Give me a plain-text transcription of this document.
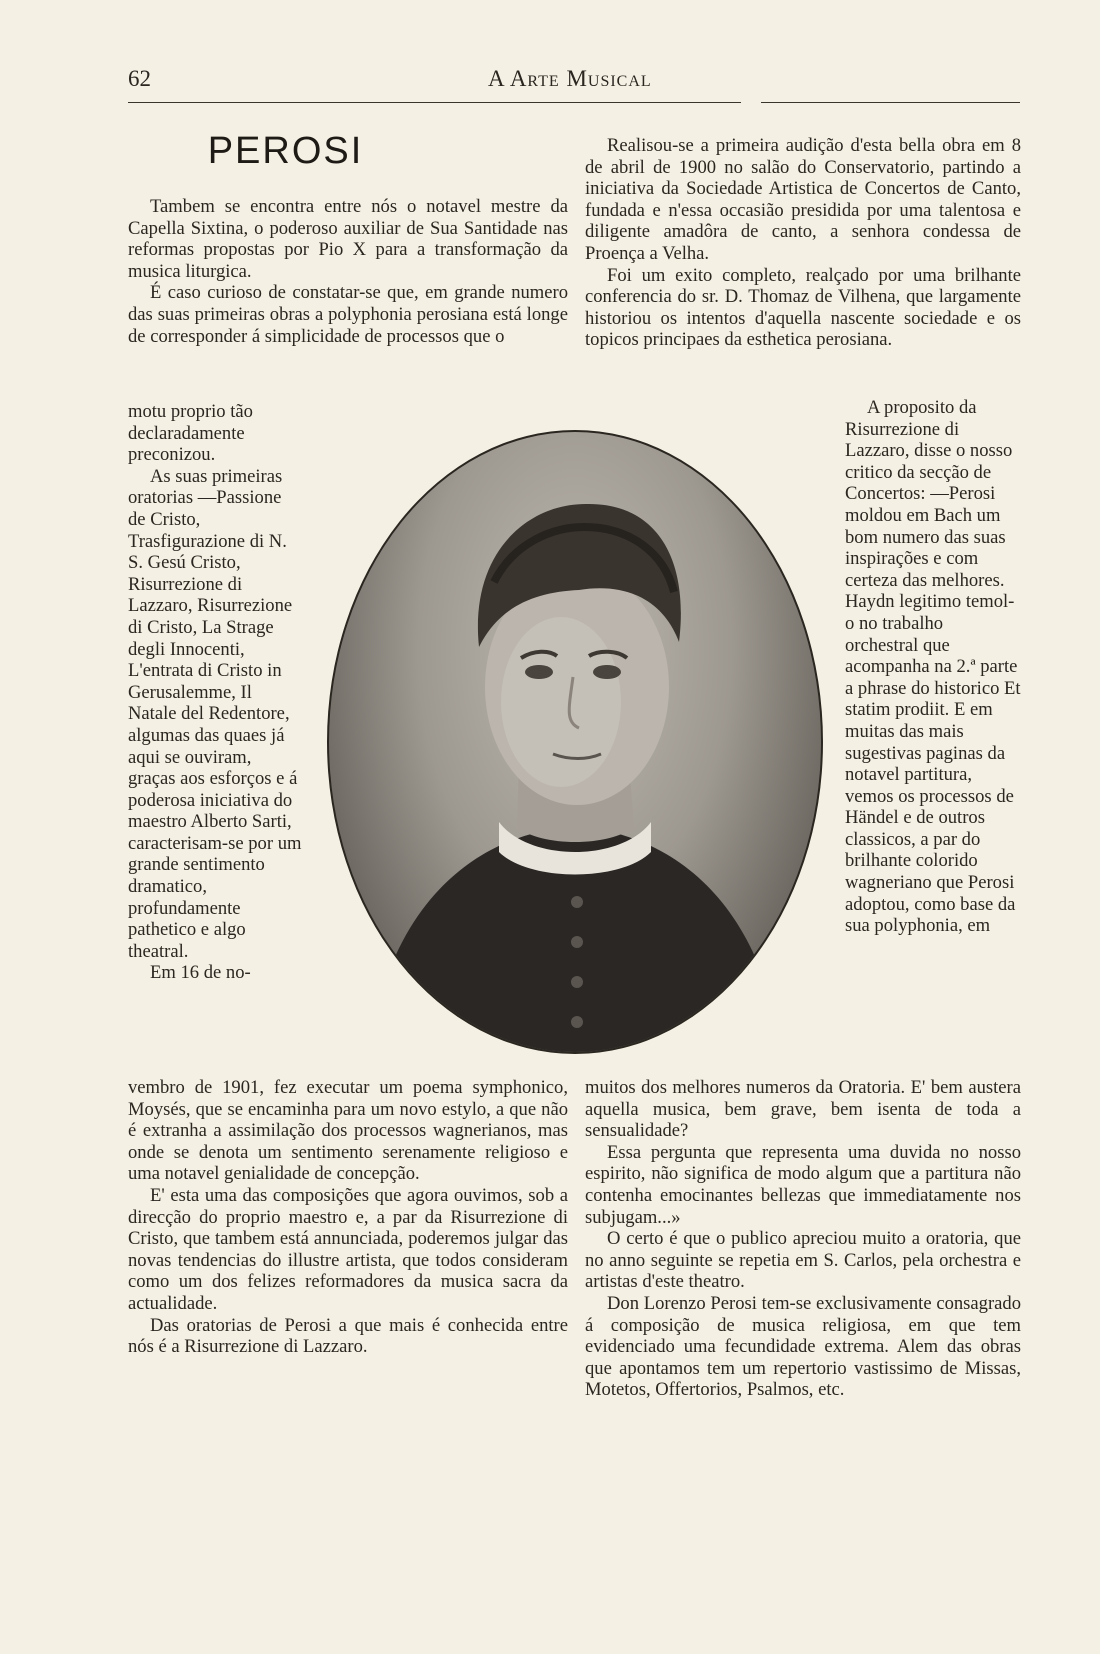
62	A Arte Musical
PEROSI

Tambem se encontra entre nós o notavel mestre da Capella Sixtina, o poderoso auxiliar de Sua Santidade nas reformas propostas por Pio X para a transformação da musica liturgica.

É caso curioso de constatar-se que, em grande numero das suas primeiras obras a polyphonia perosiana está longe de corresponder á simplicidade de processos que o

motu proprio tão declaradamente preconizou.

As suas primeiras oratorias —Passione de Cristo, Trasfigurazione di N. S. Gesú Cristo, Risurrezione di Lazzaro, Risurrezione di Cristo, La Strage degli Innocenti, L'entrata di Cristo in Gerusalemme, Il Natale del Redentore, algumas das quaes já aqui se ouviram, graças aos esforços e á poderosa iniciativa do maestro Alberto Sarti, caracterisam-se por um grande sentimento dramatico, profundamente pathetico e algo theatral.

Em 16 de no-

vembro de 1901, fez executar um poema symphonico, Moysés, que se encaminha para um novo estylo, a que não é extranha a assimilação dos processos wagnerianos, mas onde se denota um sentimento serenamente religioso e uma notavel genialidade de concepção.

E' esta uma das composições que agora ouvimos, sob a direcção do proprio maestro e, a par da Risurrezione di Cristo, que tambem está annunciada, poderemos julgar das novas tendencias do illustre artista, que todos consideram como um dos felizes reformadores da musica sacra da actualidade.

Das oratorias de Perosi a que mais é conhecida entre nós é a Risurrezione di Lazzaro.

Realisou-se a primeira audição d'esta bella obra em 8 de abril de 1900 no salão do Conservatorio, partindo a iniciativa da Sociedade Artistica de Concertos de Canto, fundada e n'essa occasião presidida por uma talentosa e diligente amadôra de canto, a senhora condessa de Proença a Velha.

Foi um exito completo, realçado por uma brilhante conferencia do sr. D. Thomaz de Vilhena, que largamente historiou os intentos d'aquella nascente sociedade e os topicos principaes da esthetica perosiana.

A proposito da Risurrezione di Lazzaro, disse o nosso critico da secção de Concertos: —Perosi moldou em Bach um bom numero das suas inspirações e com certeza das melhores. Haydn legitimo temol-o no trabalho orchestral que acompanha na 2.ª parte a phrase do historico Et statim prodiit. E em muitas das mais sugestivas paginas da notavel partitura, vemos os processos de Händel e de outros classicos, a par do brilhante colorido wagneriano que Perosi adoptou, como base da sua polyphonia, em

muitos dos melhores numeros da Oratoria. E' bem austera aquella musica, bem grave, bem isenta de toda a sensualidade?

Essa pergunta que representa uma duvida no nosso espirito, não significa de modo algum que a partitura não contenha emocinantes bellezas que immediatamente nos subjugam...»

O certo é que o publico apreciou muito a oratoria, que no anno seguinte se repetia em S. Carlos, pela orchestra e artistas d'este theatro.

Don Lorenzo Perosi tem-se exclusivamente consagrado á composição de musica religiosa, em que tem evidenciado uma fecundidade extrema. Alem das obras que apontamos tem um repertorio vastissimo de Missas, Motetos, Offertorios, Psalmos, etc.
